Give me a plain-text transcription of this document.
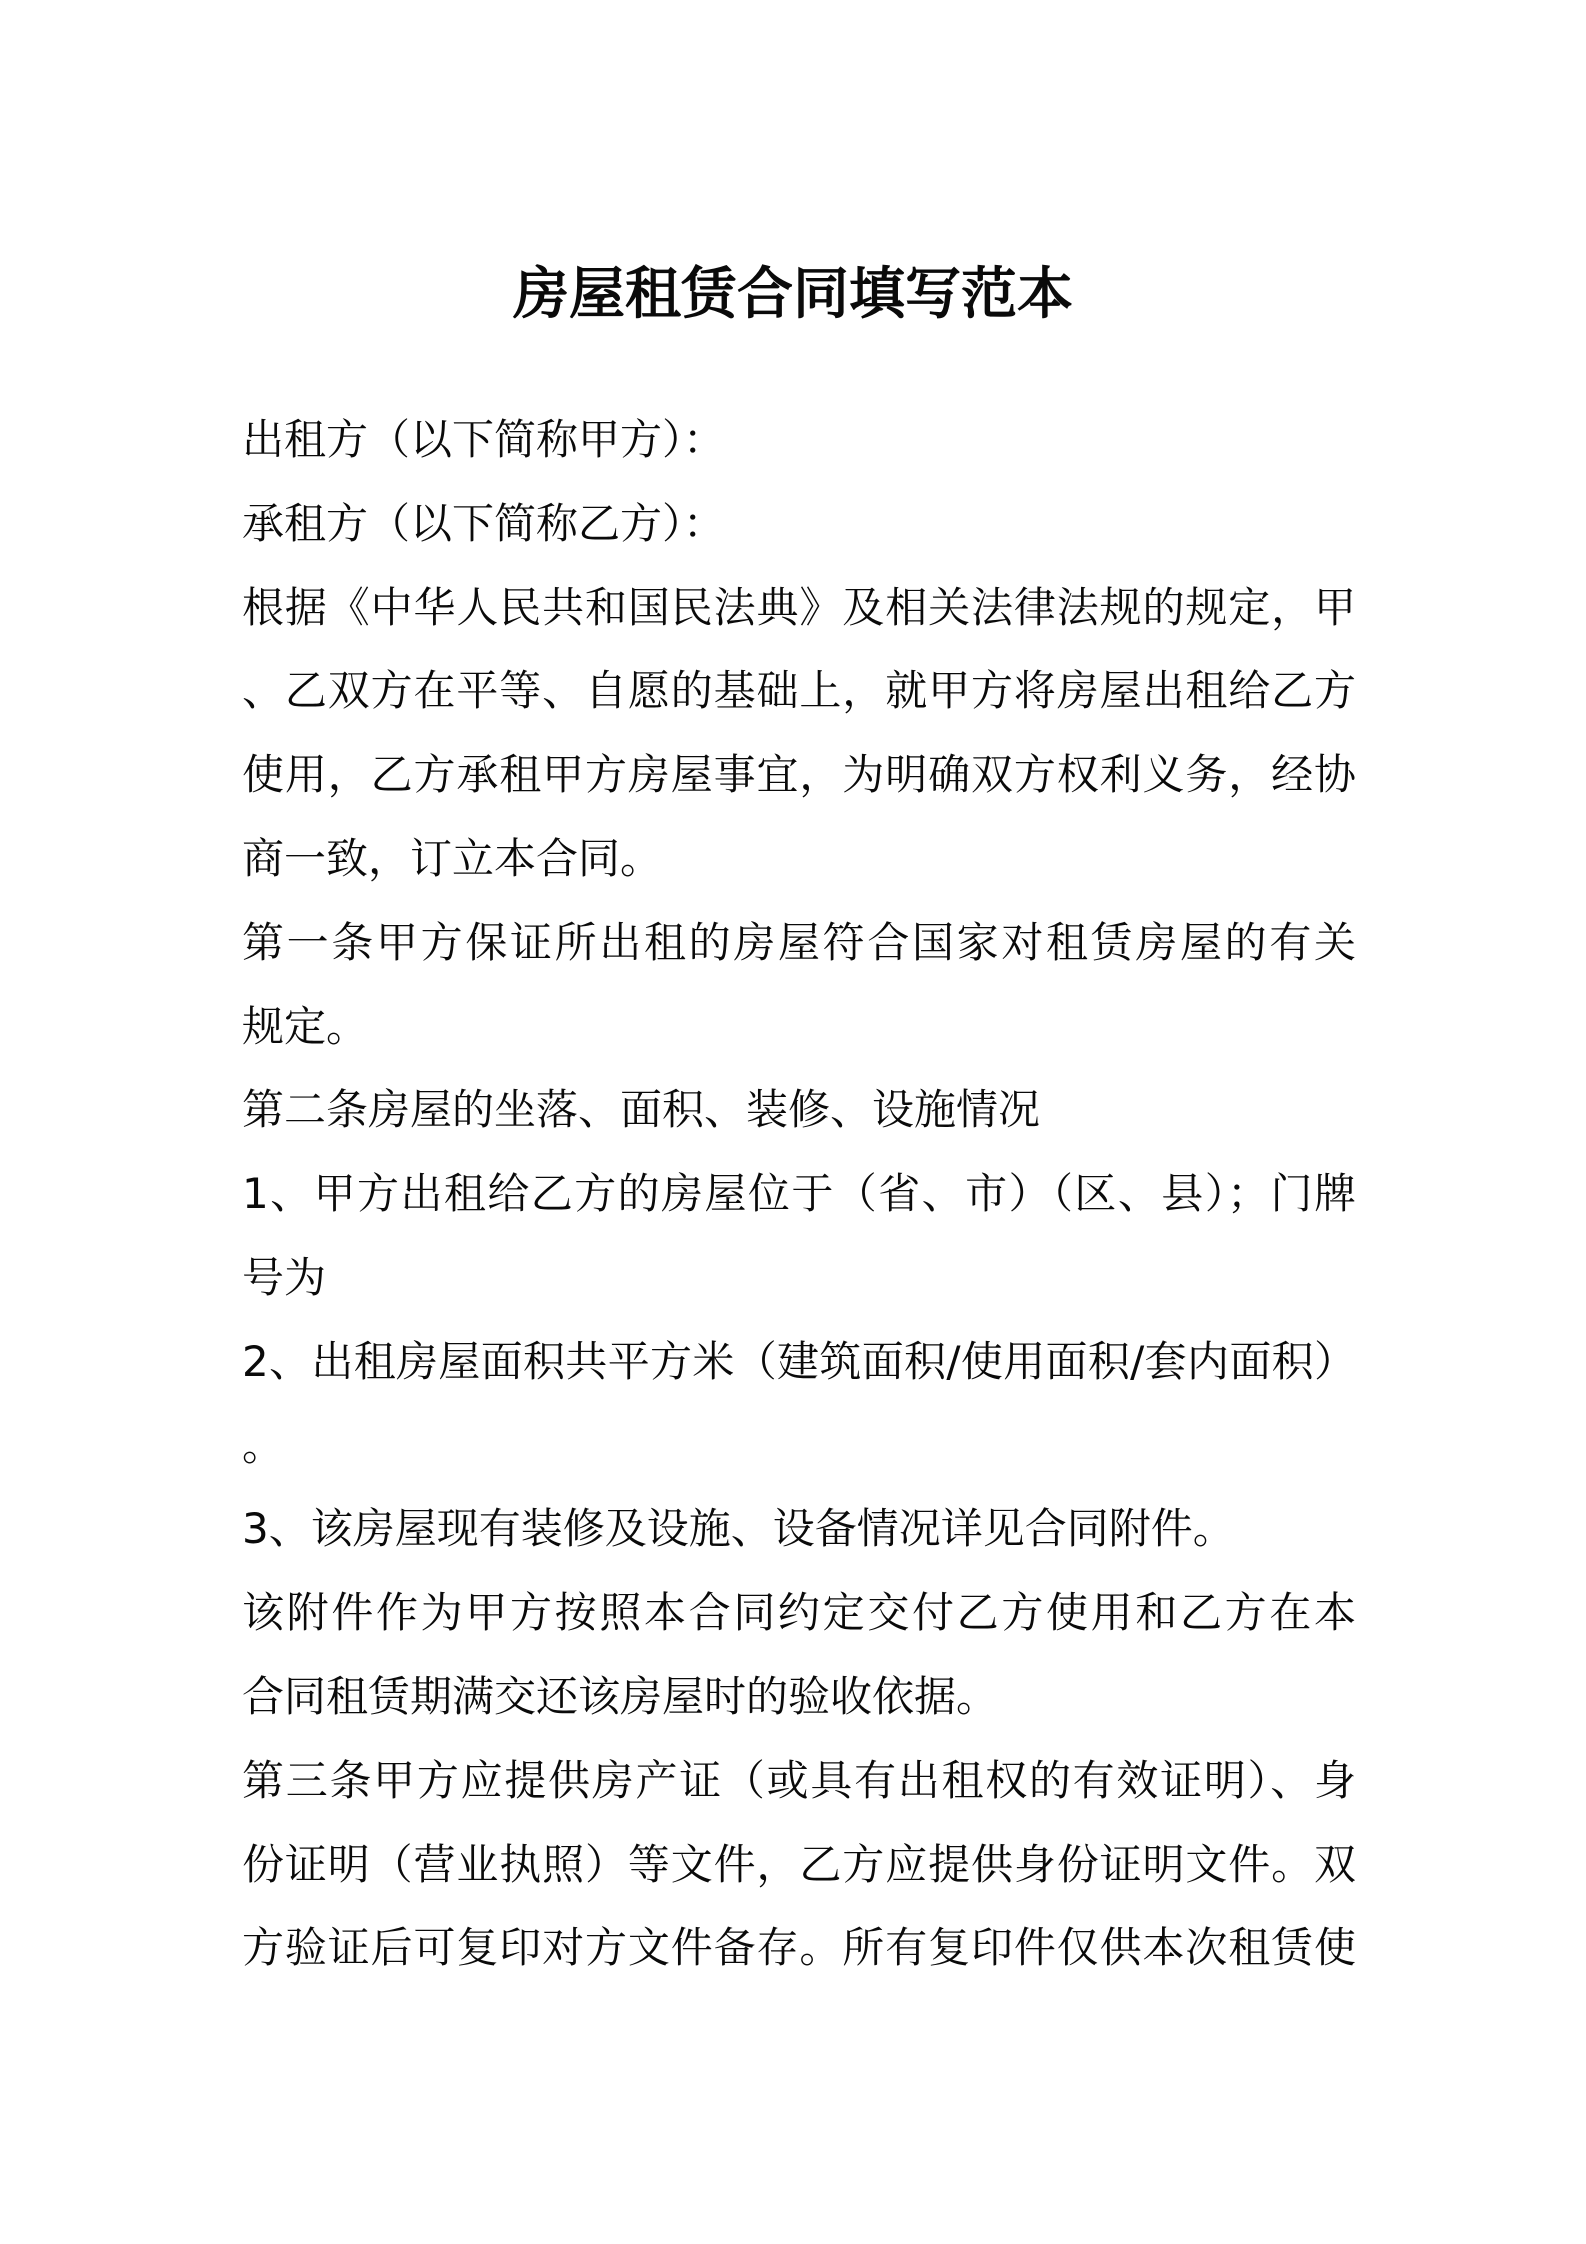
房屋租赁合同填写范本
出租方（以下简称甲方）：
承租方（以下简称乙方）：
根据《中华人民共和国民法典》及相关法律法规的规定，甲
、乙双方在平等、自愿的基础上，就甲方将房屋出租给乙方
使用，乙方承租甲方房屋事宜，为明确双方权利义务，经协
商一致，订立本合同。
第一条甲方保证所出租的房屋符合国家对租赁房屋的有关
规定。
第二条房屋的坐落、面积、装修、设施情况
1、甲方出租给乙方的房屋位于（省、市）（区、县）；门牌
号为
2、出租房屋面积共平方米（建筑面积/使用面积/套内面积）
。
3、该房屋现有装修及设施、设备情况详见合同附件。
该附件作为甲方按照本合同约定交付乙方使用和乙方在本
合同租赁期满交还该房屋时的验收依据。
第三条甲方应提供房产证（或具有出租权的有效证明）、身
份证明（营业执照）等文件，乙方应提供身份证明文件。双
方验证后可复印对方文件备存。所有复印件仅供本次租赁使
